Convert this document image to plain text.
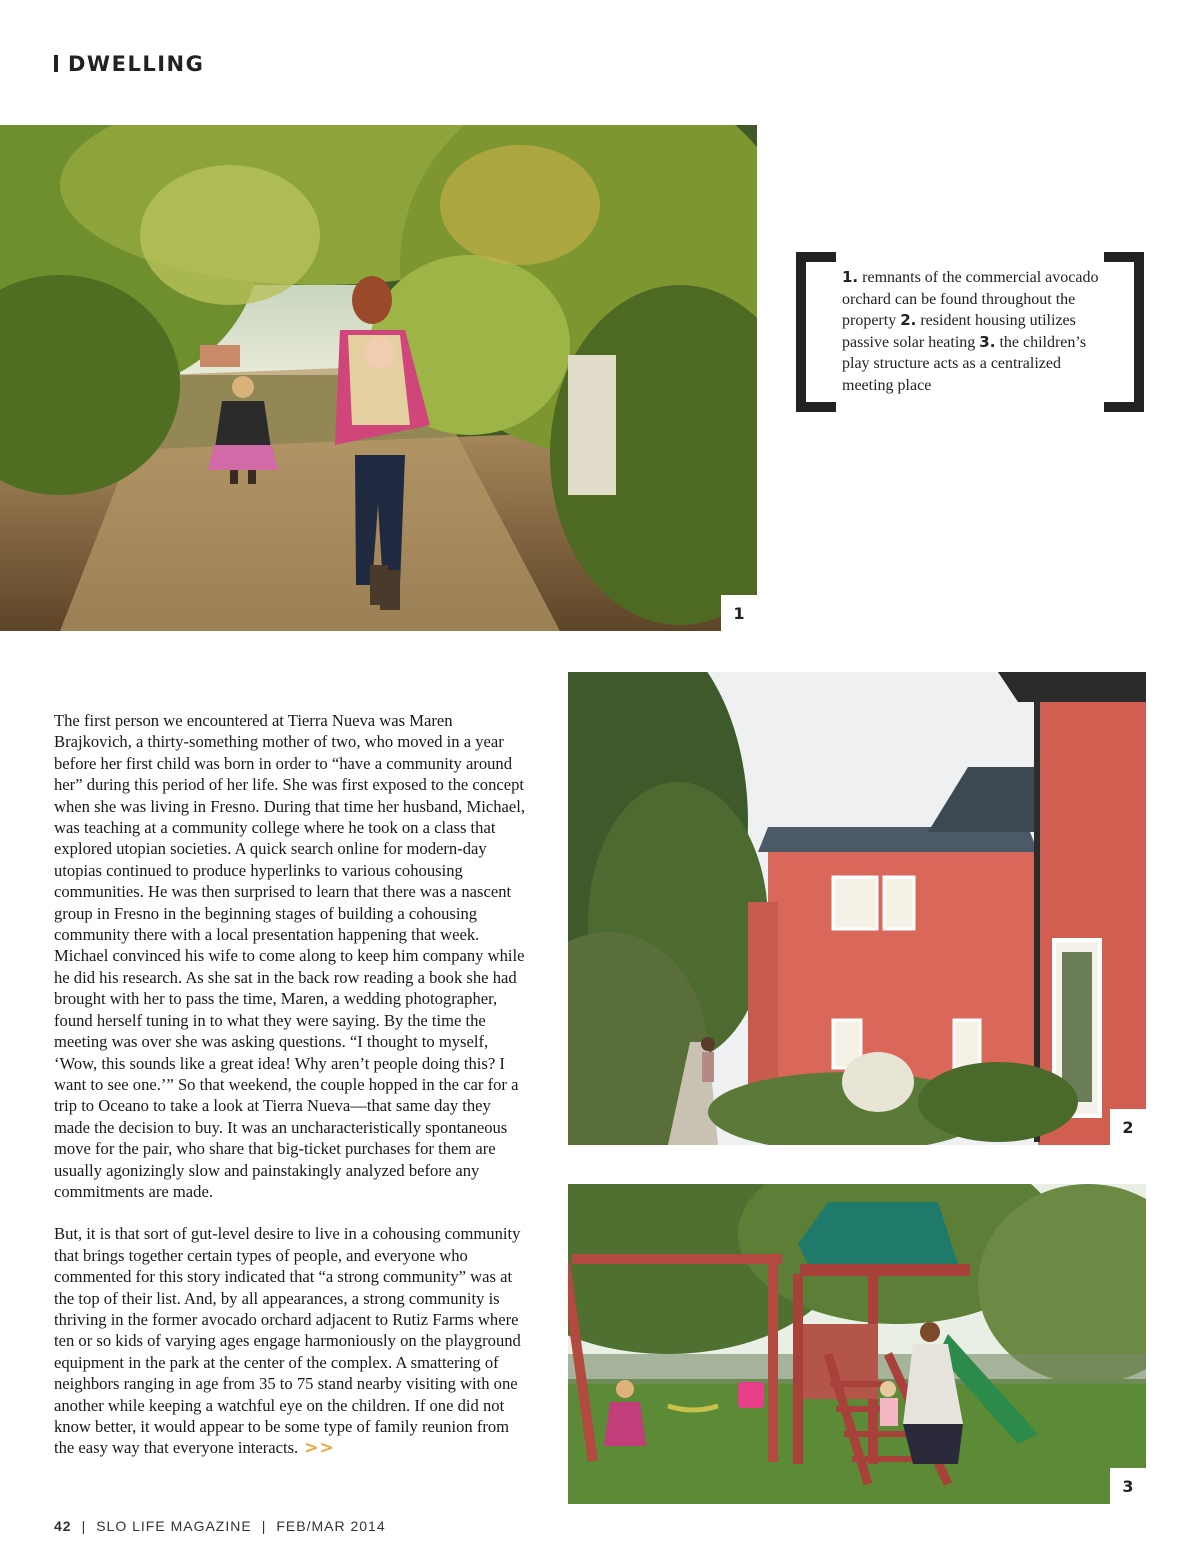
DWELLING
1
1. remnants of the commercial avocado orchard can be found throughout the property 2. resident housing utilizes passive solar heating 3. the children’s play structure acts as a centralized meeting place

The first person we encountered at Tierra Nueva was Maren Brajkovich, a thirty-something mother of two, who moved in a year before her first child was born in order to “have a community around her” during this period of her life. She was first exposed to the concept when she was living in Fresno. During that time her husband, Michael, was teaching at a community college where he took on a class that explored utopian societies. A quick search online for modern-day utopias continued to produce hyperlinks to various cohousing communities. He was then surprised to learn that there was a nascent group in Fresno in the beginning stages of building a cohousing community there with a local presentation happening that week. Michael convinced his wife to come along to keep him company while he did his research. As she sat in the back row reading a book she had brought with her to pass the time, Maren, a wedding photographer, found herself tuning in to what they were saying. By the time the meeting was over she was asking questions. “I thought to myself, ‘Wow, this sounds like a great idea! Why aren’t people doing this? I want to see one.’” So that weekend, the couple hopped in the car for a trip to Oceano to take a look at Tierra Nueva—that same day they made the decision to buy. It was an uncharacteristically spontaneous move for the pair, who share that big-ticket purchases for them are usually agonizingly slow and painstakingly analyzed before any commitments are made.

But, it is that sort of gut-level desire to live in a cohousing community that brings together certain types of people, and everyone who commented for this story indicated that “a strong community” was at the top of their list. And, by all appearances, a strong community is thriving in the former avocado orchard adjacent to Rutiz Farms where ten or so kids of varying ages engage harmoniously on the playground equipment in the park at the center of the complex. A smattering of neighbors ranging in age from 35 to 75 stand nearby visiting with one another while keeping a watchful eye on the children. If one did not know better, it would appear to be some type of family reunion from the easy way that everyone interacts. >>

2
3
42 | SLO LIFE MAGAZINE | FEB/MAR 2014
